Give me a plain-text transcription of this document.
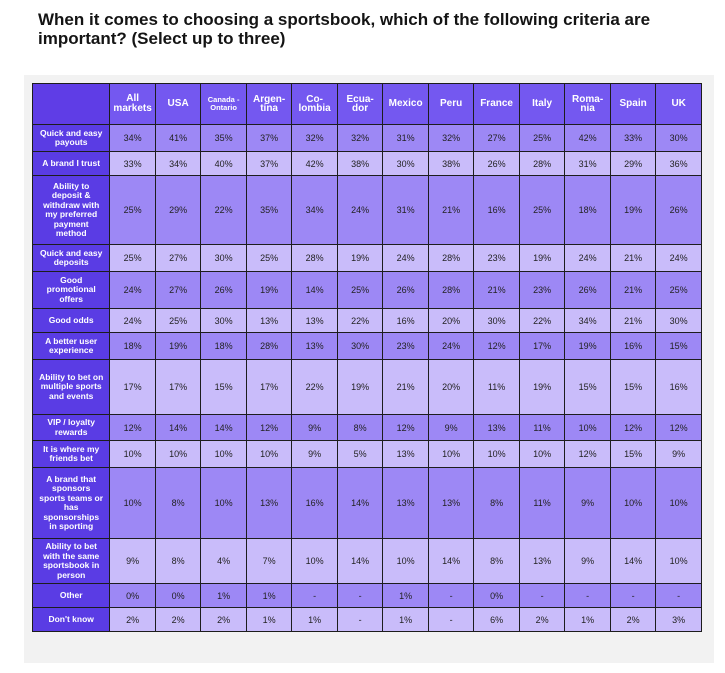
When it comes to choosing a sportsbook, which of the following criteria are important? (Select up to three)
	All markets	USA	Canada - Ontario	Argen- tina	Co- lombia	Ecua- dor	Mexico	Peru	France	Italy	Roma- nia	Spain	UK
Quick and easy payouts	34%	41%	35%	37%	32%	32%	31%	32%	27%	25%	42%	33%	30%
A brand I trust	33%	34%	40%	37%	42%	38%	30%	38%	26%	28%	31%	29%	36%
Ability to deposit & withdraw with my preferred payment method	25%	29%	22%	35%	34%	24%	31%	21%	16%	25%	18%	19%	26%
Quick and easy deposits	25%	27%	30%	25%	28%	19%	24%	28%	23%	19%	24%	21%	24%
Good promotional offers	24%	27%	26%	19%	14%	25%	26%	28%	21%	23%	26%	21%	25%
Good odds	24%	25%	30%	13%	13%	22%	16%	20%	30%	22%	34%	21%	30%
A better user experience	18%	19%	18%	28%	13%	30%	23%	24%	12%	17%	19%	16%	15%
Ability to bet on multiple sports and events	17%	17%	15%	17%	22%	19%	21%	20%	11%	19%	15%	15%	16%
VIP / loyalty rewards	12%	14%	14%	12%	9%	8%	12%	9%	13%	11%	10%	12%	12%
It is where my friends bet	10%	10%	10%	10%	9%	5%	13%	10%	10%	10%	12%	15%	9%
A brand that sponsors sports teams or has sponsorships in sporting	10%	8%	10%	13%	16%	14%	13%	13%	8%	11%	9%	10%	10%
Ability to bet with the same sportsbook in person	9%	8%	4%	7%	10%	14%	10%	14%	8%	13%	9%	14%	10%
Other	0%	0%	1%	1%	-	-	1%	-	0%	-	-	-	-
Don't know	2%	2%	2%	1%	1%	-	1%	-	6%	2%	1%	2%	3%
